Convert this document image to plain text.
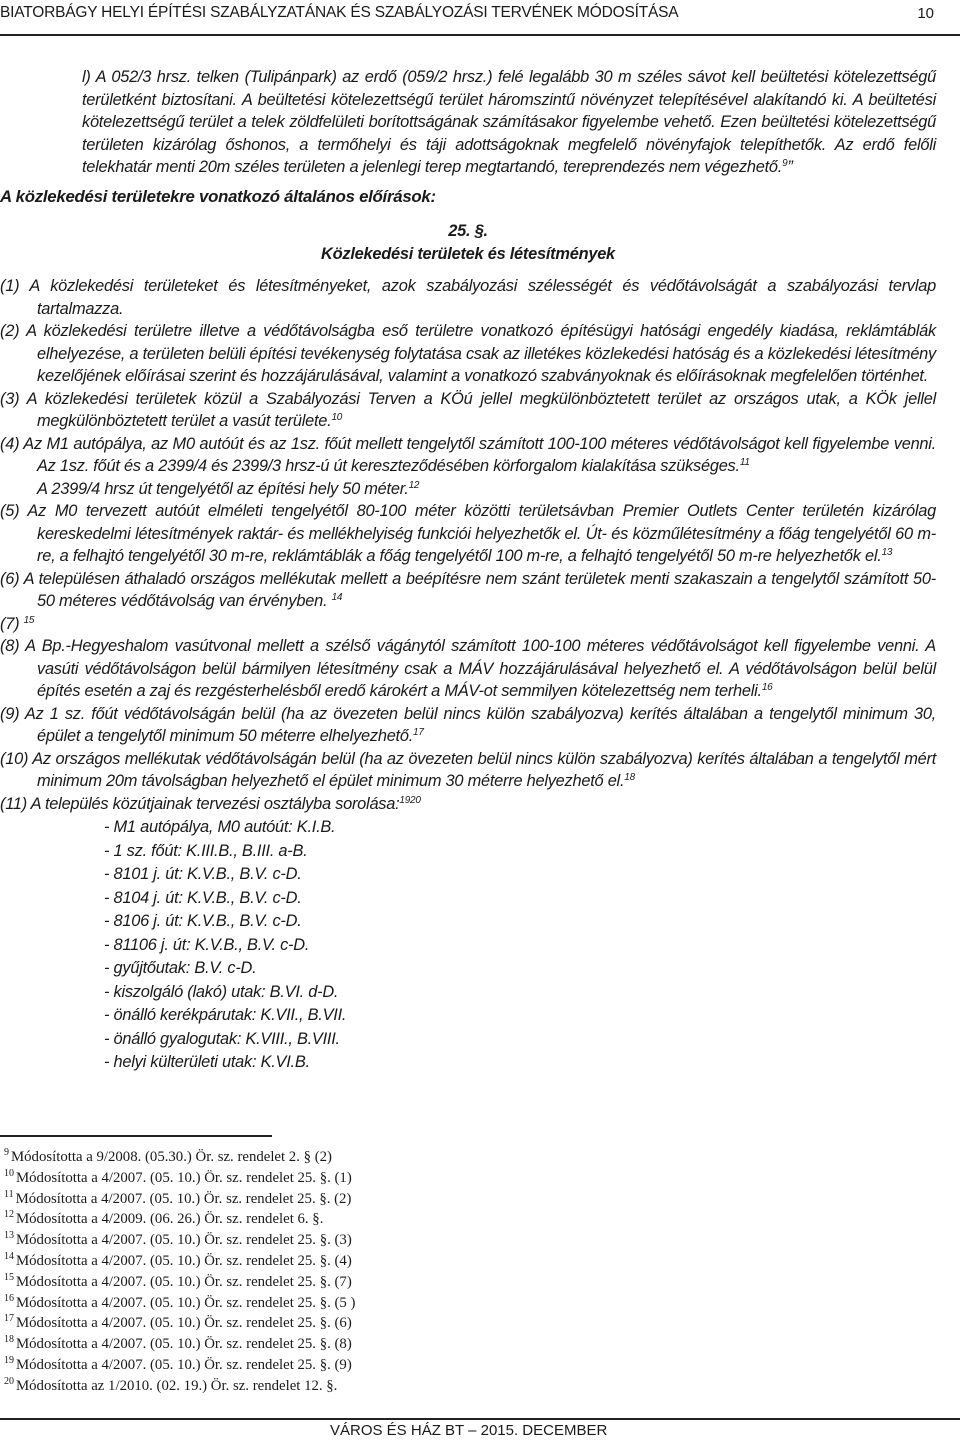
BIATORBÁGY HELYI ÉPÍTÉSI SZABÁLYZATÁNAK ÉS SZABÁLYOZÁSI TERVÉNEK MÓDOSÍTÁSA	10

l) A 052/3 hrsz. telken (Tulipánpark) az erdő (059/2 hrsz.) felé legalább 30 m széles sávot kell beültetési kötelezettségű területként biztosítani. A beültetési kötelezettségű terület háromszintű növényzet telepítésével alakítandó ki. A beültetési kötelezettségű terület a telek zöldfelületi borítottságának számításakor figyelembe vehető. Ezen beültetési kötelezettségű területen kizárólag őshonos, a termőhelyi és táji adottságoknak megfelelő növényfajok telepíthetők. Az erdő felőli telekhatár menti 20m széles területen a jelenlegi terep megtartandó, tereprendezés nem végezhető.$^9$”

A közlekedési területekre vonatkozó általános előírások:

25. §.

Közlekedési területek és létesítmények

(1) A közlekedési területeket és létesítményeket, azok szabályozási szélességét és védőtávolságát a szabályozási tervlap tartalmazza.

(2) A közlekedési területre illetve a védőtávolságba eső területre vonatkozó építésügyi hatósági engedély kiadása, reklámtáblák elhelyezése, a területen belüli építési tevékenység folytatása csak az illetékes közlekedési hatóság és a közlekedési létesítmény kezelőjének előírásai szerint és hozzájárulásával, valamint a vonatkozó szabványoknak és előírásoknak megfelelően történhet.

(3) A közlekedési területek közül a Szabályozási Terven a KÖú jellel megkülönböztetett terület az országos utak, a KÖk jellel megkülönböztetett terület a vasút területe.$^{10}$

(4) Az M1 autópálya, az M0 autóút és az 1sz. főút mellett tengelytől számított 100-100 méteres védőtávolságot kell figyelembe venni. Az 1sz. főút és a 2399/4 és 2399/3 hrsz-ú út kereszteződésében körforgalom kialakítása szükséges.$^{11}$
A 2399/4 hrsz út tengelyétől az építési hely 50 méter.$^{12}$

(5) Az M0 tervezett autóút elméleti tengelyétől 80-100 méter közötti területsávban Premier Outlets Center területén kizárólag kereskedelmi létesítmények raktár- és mellékhelyiség funkciói helyezhetők el. Út- és közműlétesítmény a főág tengelyétől 60 m-re, a felhajtó tengelyétől 30 m-re, reklámtáblák a főág tengelyétől 100 m-re, a felhajtó tengelyétől 50 m-re helyezhetők el.$^{13}$

(6) A településen áthaladó országos mellékutak mellett a beépítésre nem szánt területek menti szakaszain a tengelytől számított 50-50 méteres védőtávolság van érvényben. $^{14}$

(7) $^{15}$

(8) A Bp.-Hegyeshalom vasútvonal mellett a szélső vágánytól számított 100-100 méteres védőtávolságot kell figyelembe venni. A vasúti védőtávolságon belül bármilyen létesítmény csak a MÁV hozzájárulásával helyezhető el. A védőtávolságon belül belül építés esetén a zaj és rezgésterhelésből eredő károkért a MÁV-ot semmilyen kötelezettség nem terheli.$^{16}$

(9) Az 1 sz. főút védőtávolságán belül (ha az övezeten belül nincs külön szabályozva) kerítés általában a tengelytől minimum 30, épület a tengelytől minimum 50 méterre elhelyezhető.$^{17}$

(10) Az országos mellékutak védőtávolságán belül (ha az övezeten belül nincs külön szabályozva) kerítés általában a tengelytől mért minimum 20m távolságban helyezhető el épület minimum 30 méterre helyezhető el.$^{18}$

(11) A település közútjainak tervezési osztályba sorolása:$^{1920}$

- M1 autópálya, M0 autóút: K.I.B.
- 1 sz. főút: K.III.B., B.III. a-B.
- 8101 j. út: K.V.B., B.V. c-D.
- 8104 j. út: K.V.B., B.V. c-D.
- 8106 j. út: K.V.B., B.V. c-D.
- 81106 j. út: K.V.B., B.V. c-D.
- gyűjtőutak: B.V. c-D.
- kiszolgáló (lakó) utak: B.VI. d-D.
- önálló kerékpárutak: K.VII., B.VII.
- önálló gyalogutak: K.VIII., B.VIII.
- helyi külterületi utak: K.VI.B.
$^9$ Módosította a 9/2008. (05.30.) Ör. sz. rendelet 2. § (2)
$^{10}$ Módosította a 4/2007. (05. 10.) Ör. sz. rendelet 25. §. (1)
$^{11}$ Módosította a 4/2007. (05. 10.) Ör. sz. rendelet 25. §. (2)
$^{12}$ Módosította a 4/2009. (06. 26.) Ör. sz. rendelet 6. §.
$^{13}$ Módosította a 4/2007. (05. 10.) Ör. sz. rendelet 25. §. (3)
$^{14}$ Módosította a 4/2007. (05. 10.) Ör. sz. rendelet 25. §. (4)
$^{15}$ Módosította a 4/2007. (05. 10.) Ör. sz. rendelet 25. §. (7)
$^{16}$ Módosította a 4/2007. (05. 10.) Ör. sz. rendelet 25. §. (5 )
$^{17}$ Módosította a 4/2007. (05. 10.) Ör. sz. rendelet 25. §. (6)
$^{18}$ Módosította a 4/2007. (05. 10.) Ör. sz. rendelet 25. §. (8)
$^{19}$ Módosította a 4/2007. (05. 10.) Ör. sz. rendelet 25. §. (9)
$^{20}$ Módosította az 1/2010. (02. 19.) Ör. sz. rendelet 12. §.
VÁROS ÉS HÁZ BT – 2015. DECEMBER
